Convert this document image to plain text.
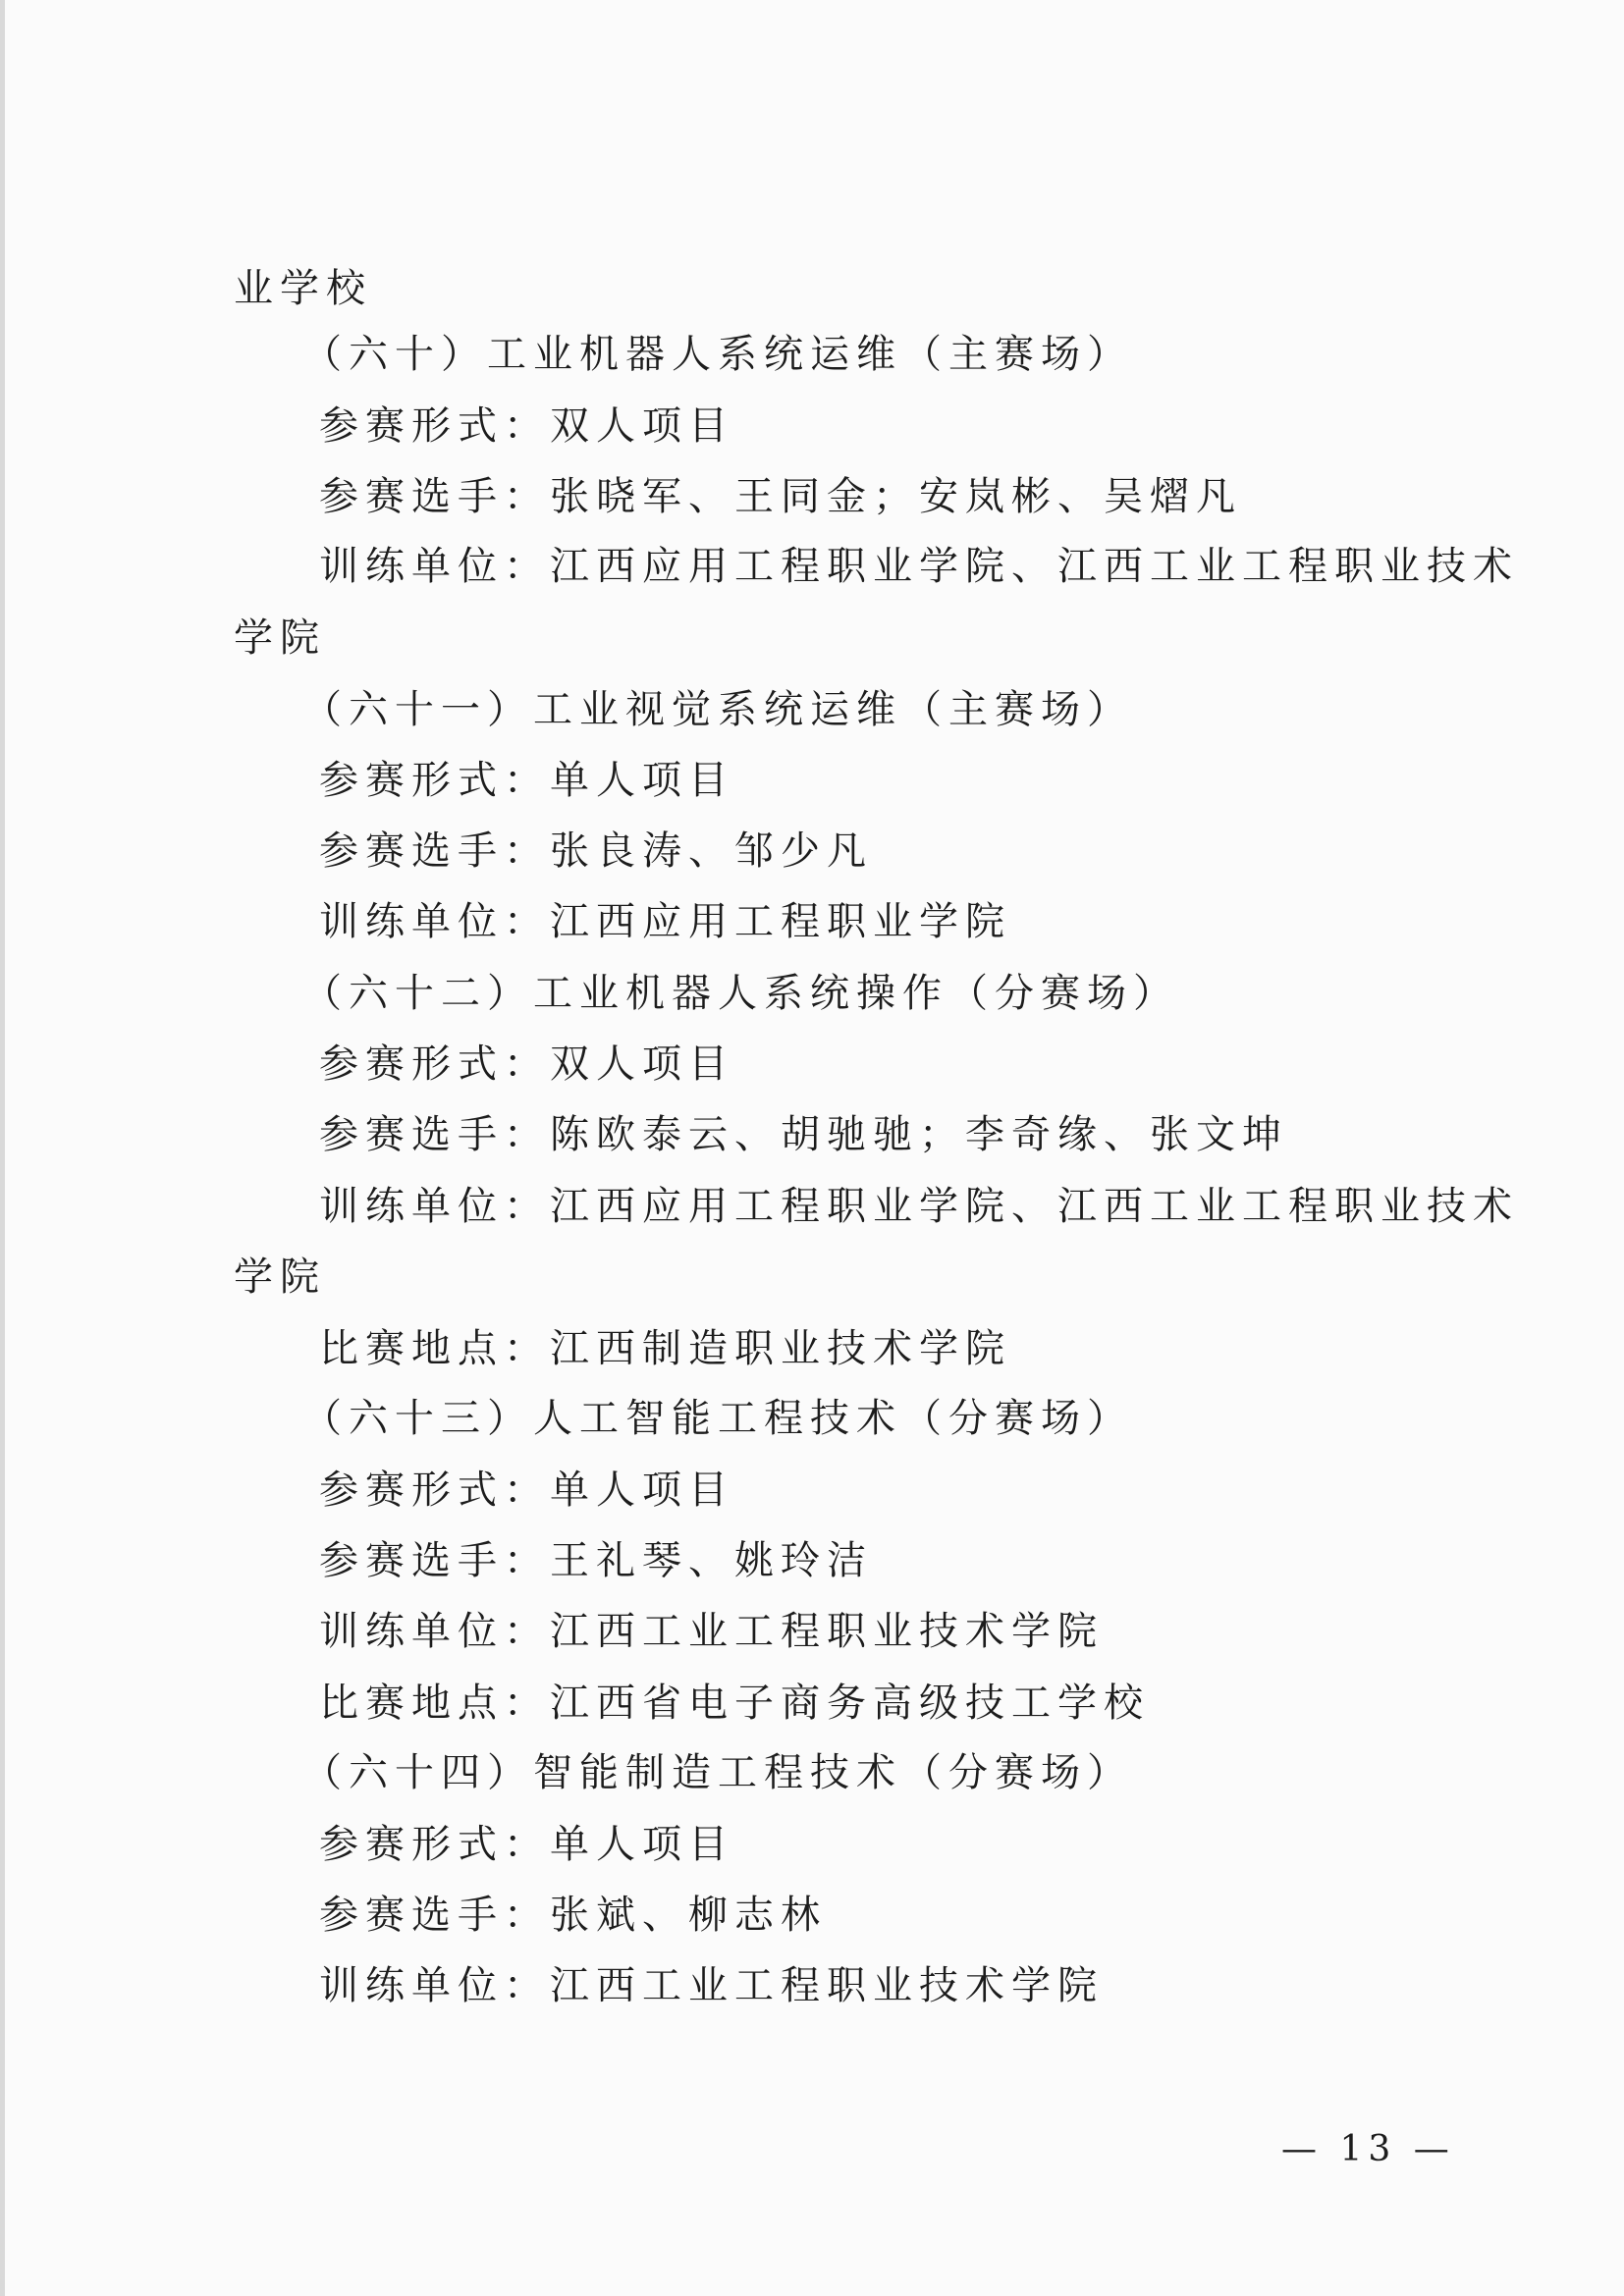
业学校
（六十）工业机器人系统运维（主赛场）
参赛形式：双人项目
参赛选手：张晓军、王同金；安岚彬、吴熠凡
训练单位：江西应用工程职业学院、江西工业工程职业技术
学院
（六十一）工业视觉系统运维（主赛场）
参赛形式：单人项目
参赛选手：张良涛、邹少凡
训练单位：江西应用工程职业学院
（六十二）工业机器人系统操作（分赛场）
参赛形式：双人项目
参赛选手：陈欧泰云、胡驰驰；李奇缘、张文坤
训练单位：江西应用工程职业学院、江西工业工程职业技术
学院
比赛地点：江西制造职业技术学院
（六十三）人工智能工程技术（分赛场）
参赛形式：单人项目
参赛选手：王礼琴、姚玲洁
训练单位：江西工业工程职业技术学院
比赛地点：江西省电子商务高级技工学校
（六十四）智能制造工程技术（分赛场）
参赛形式：单人项目
参赛选手：张斌、柳志林
训练单位：江西工业工程职业技术学院
— 13 —
